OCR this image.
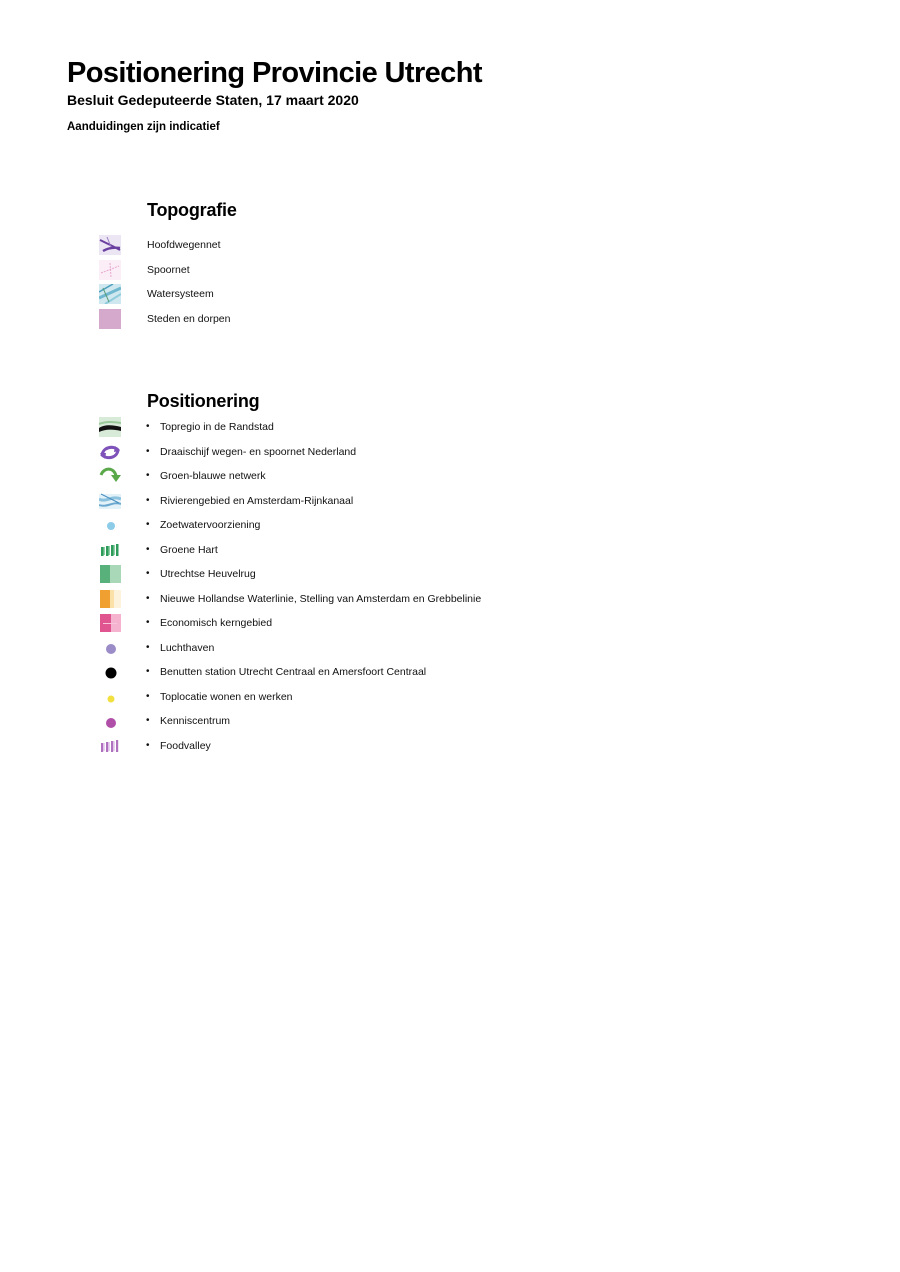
Positionering Provincie Utrecht

Besluit Gedeputeerde Staten, 17 maart 2020

Aanduidingen zijn indicatief

Topografie
Hoofdwegennet
Spoornet
Watersysteem
Steden en dorpen
Positionering
• Topregio in de Randstad
• Draaischijf wegen- en spoornet Nederland
• Groen-blauwe netwerk
• Rivierengebied en Amsterdam-Rijnkanaal
• Zoetwatervoorziening
• Groene Hart
• Utrechtse Heuvelrug
• Nieuwe Hollandse Waterlinie, Stelling van Amsterdam en Grebbelinie
• Economisch kerngebied
• Luchthaven
• Benutten station Utrecht Centraal en Amersfoort Centraal
• Toplocatie wonen en werken
• Kenniscentrum
• Foodvalley
